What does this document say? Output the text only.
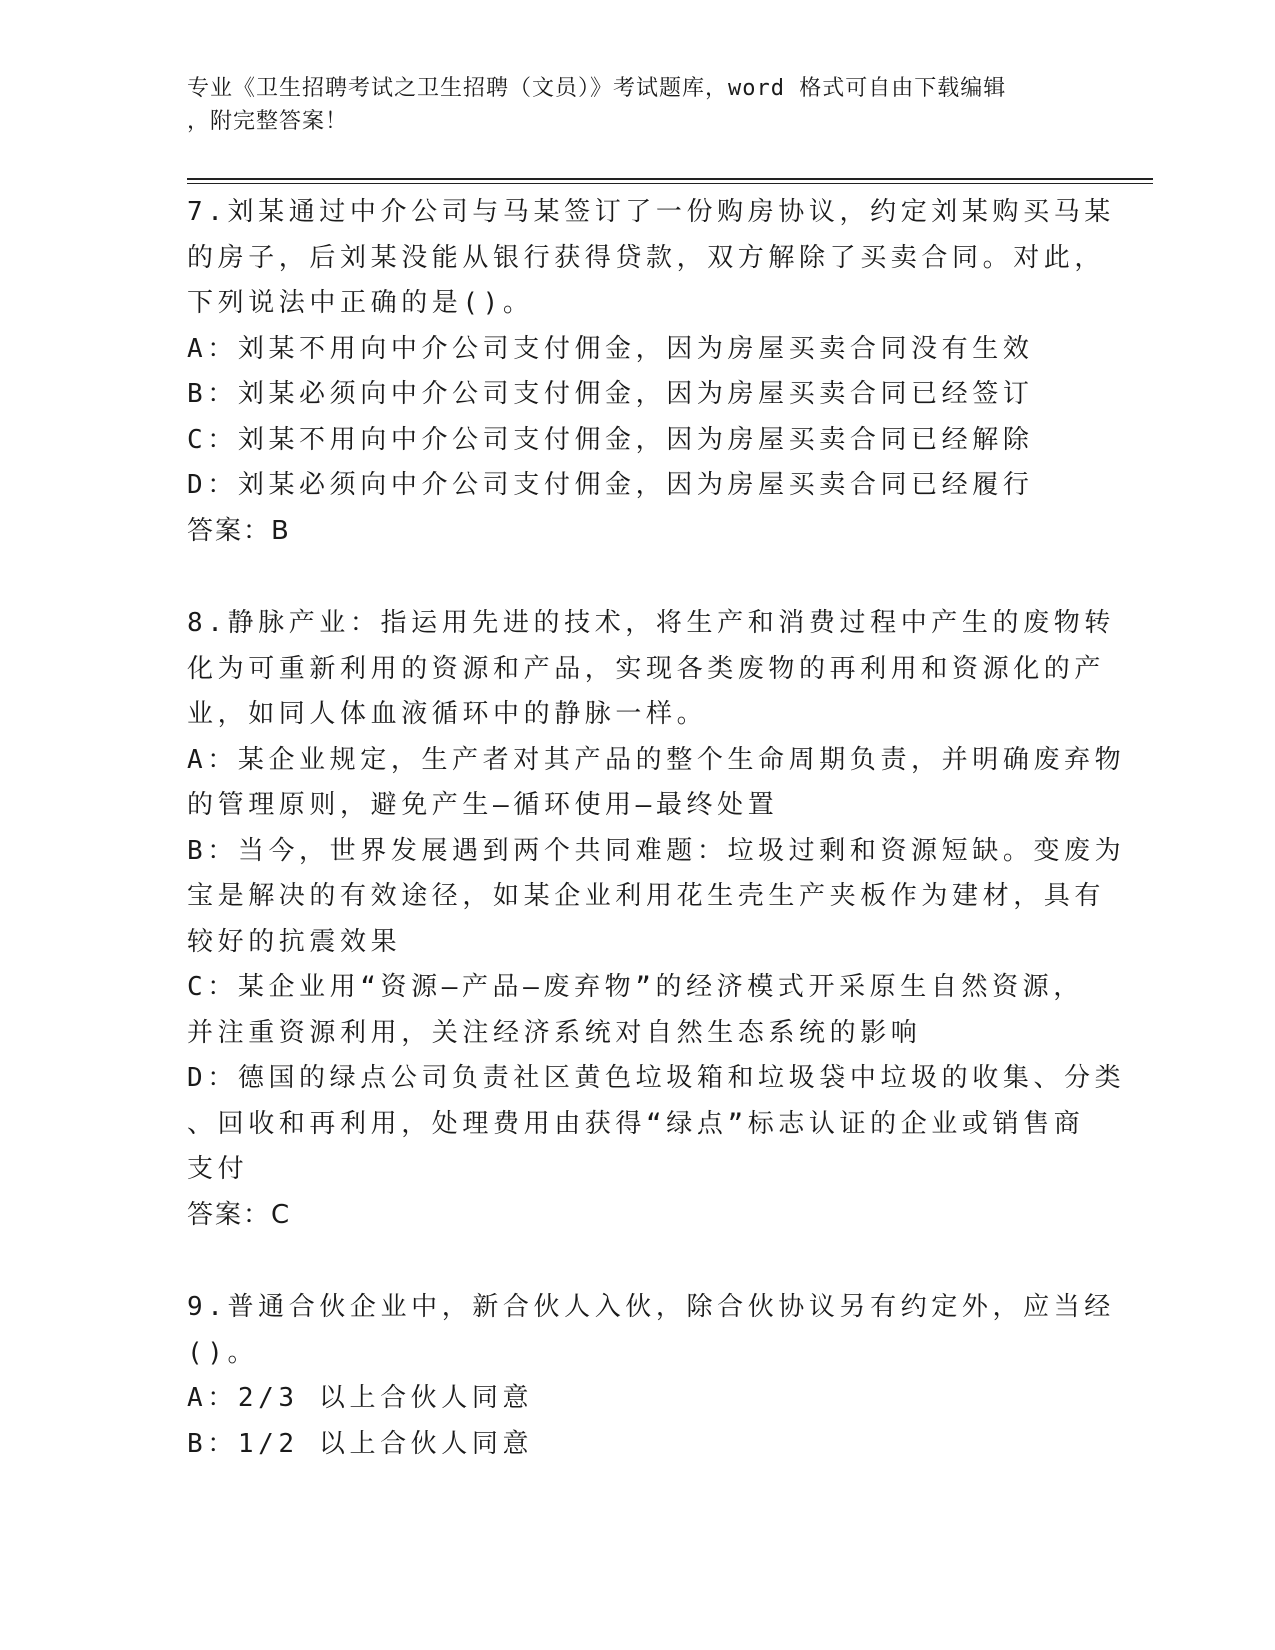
专业《卫生招聘考试之卫生招聘（文员）》考试题库，word 格式可自由下载编辑
，附完整答案！
7.刘某通过中介公司与马某签订了一份购房协议，约定刘某购买马某
的房子，后刘某没能从银行获得贷款，双方解除了买卖合同。对此，
下列说法中正确的是()。
A：刘某不用向中介公司支付佣金，因为房屋买卖合同没有生效
B：刘某必须向中介公司支付佣金，因为房屋买卖合同已经签订
C：刘某不用向中介公司支付佣金，因为房屋买卖合同已经解除
D：刘某必须向中介公司支付佣金，因为房屋买卖合同已经履行
答案：B
8.静脉产业：指运用先进的技术，将生产和消费过程中产生的废物转
化为可重新利用的资源和产品，实现各类废物的再利用和资源化的产
业，如同人体血液循环中的静脉一样。
A：某企业规定，生产者对其产品的整个生命周期负责，并明确废弃物
的管理原则，避免产生—循环使用—最终处置
B：当今，世界发展遇到两个共同难题：垃圾过剩和资源短缺。变废为
宝是解决的有效途径，如某企业利用花生壳生产夹板作为建材，具有
较好的抗震效果
C：某企业用“资源—产品—废弃物”的经济模式开采原生自然资源，
并注重资源利用，关注经济系统对自然生态系统的影响
D：德国的绿点公司负责社区黄色垃圾箱和垃圾袋中垃圾的收集、分类
、回收和再利用，处理费用由获得“绿点”标志认证的企业或销售商
支付
答案：C
9.普通合伙企业中，新合伙人入伙，除合伙协议另有约定外，应当经
()。
A：2/3 以上合伙人同意
B：1/2 以上合伙人同意
